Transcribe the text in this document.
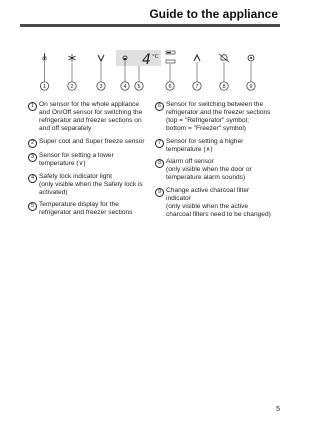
Guide to the appliance
4 °C
1	2	3	4 5	6	7	8	9
1 On sensor for the whole appliance
and On/Off sensor for switching the
refrigerator and freezer sections on
and off separately
2 Super cool and Super freeze sensor
3 Sensor for setting a lower
temperature (∨)
4 Safety lock indicator light
(only visible when the Safety lock is
activated)
5 Temperature display for the
refrigerator and freezer sections
6 Sensor for switching between the
refrigerator and the freezer sections
(top = "Refrigerator" symbol;
bottom = "Freezer" symbol)
7 Sensor for setting a higher
temperature (∧)
8 Alarm off sensor
(only visible when the door or
temperature alarm sounds)
9 Change active charcoal filter
indicator
(only visible when the active
charcoal filters need to be changed)
5
